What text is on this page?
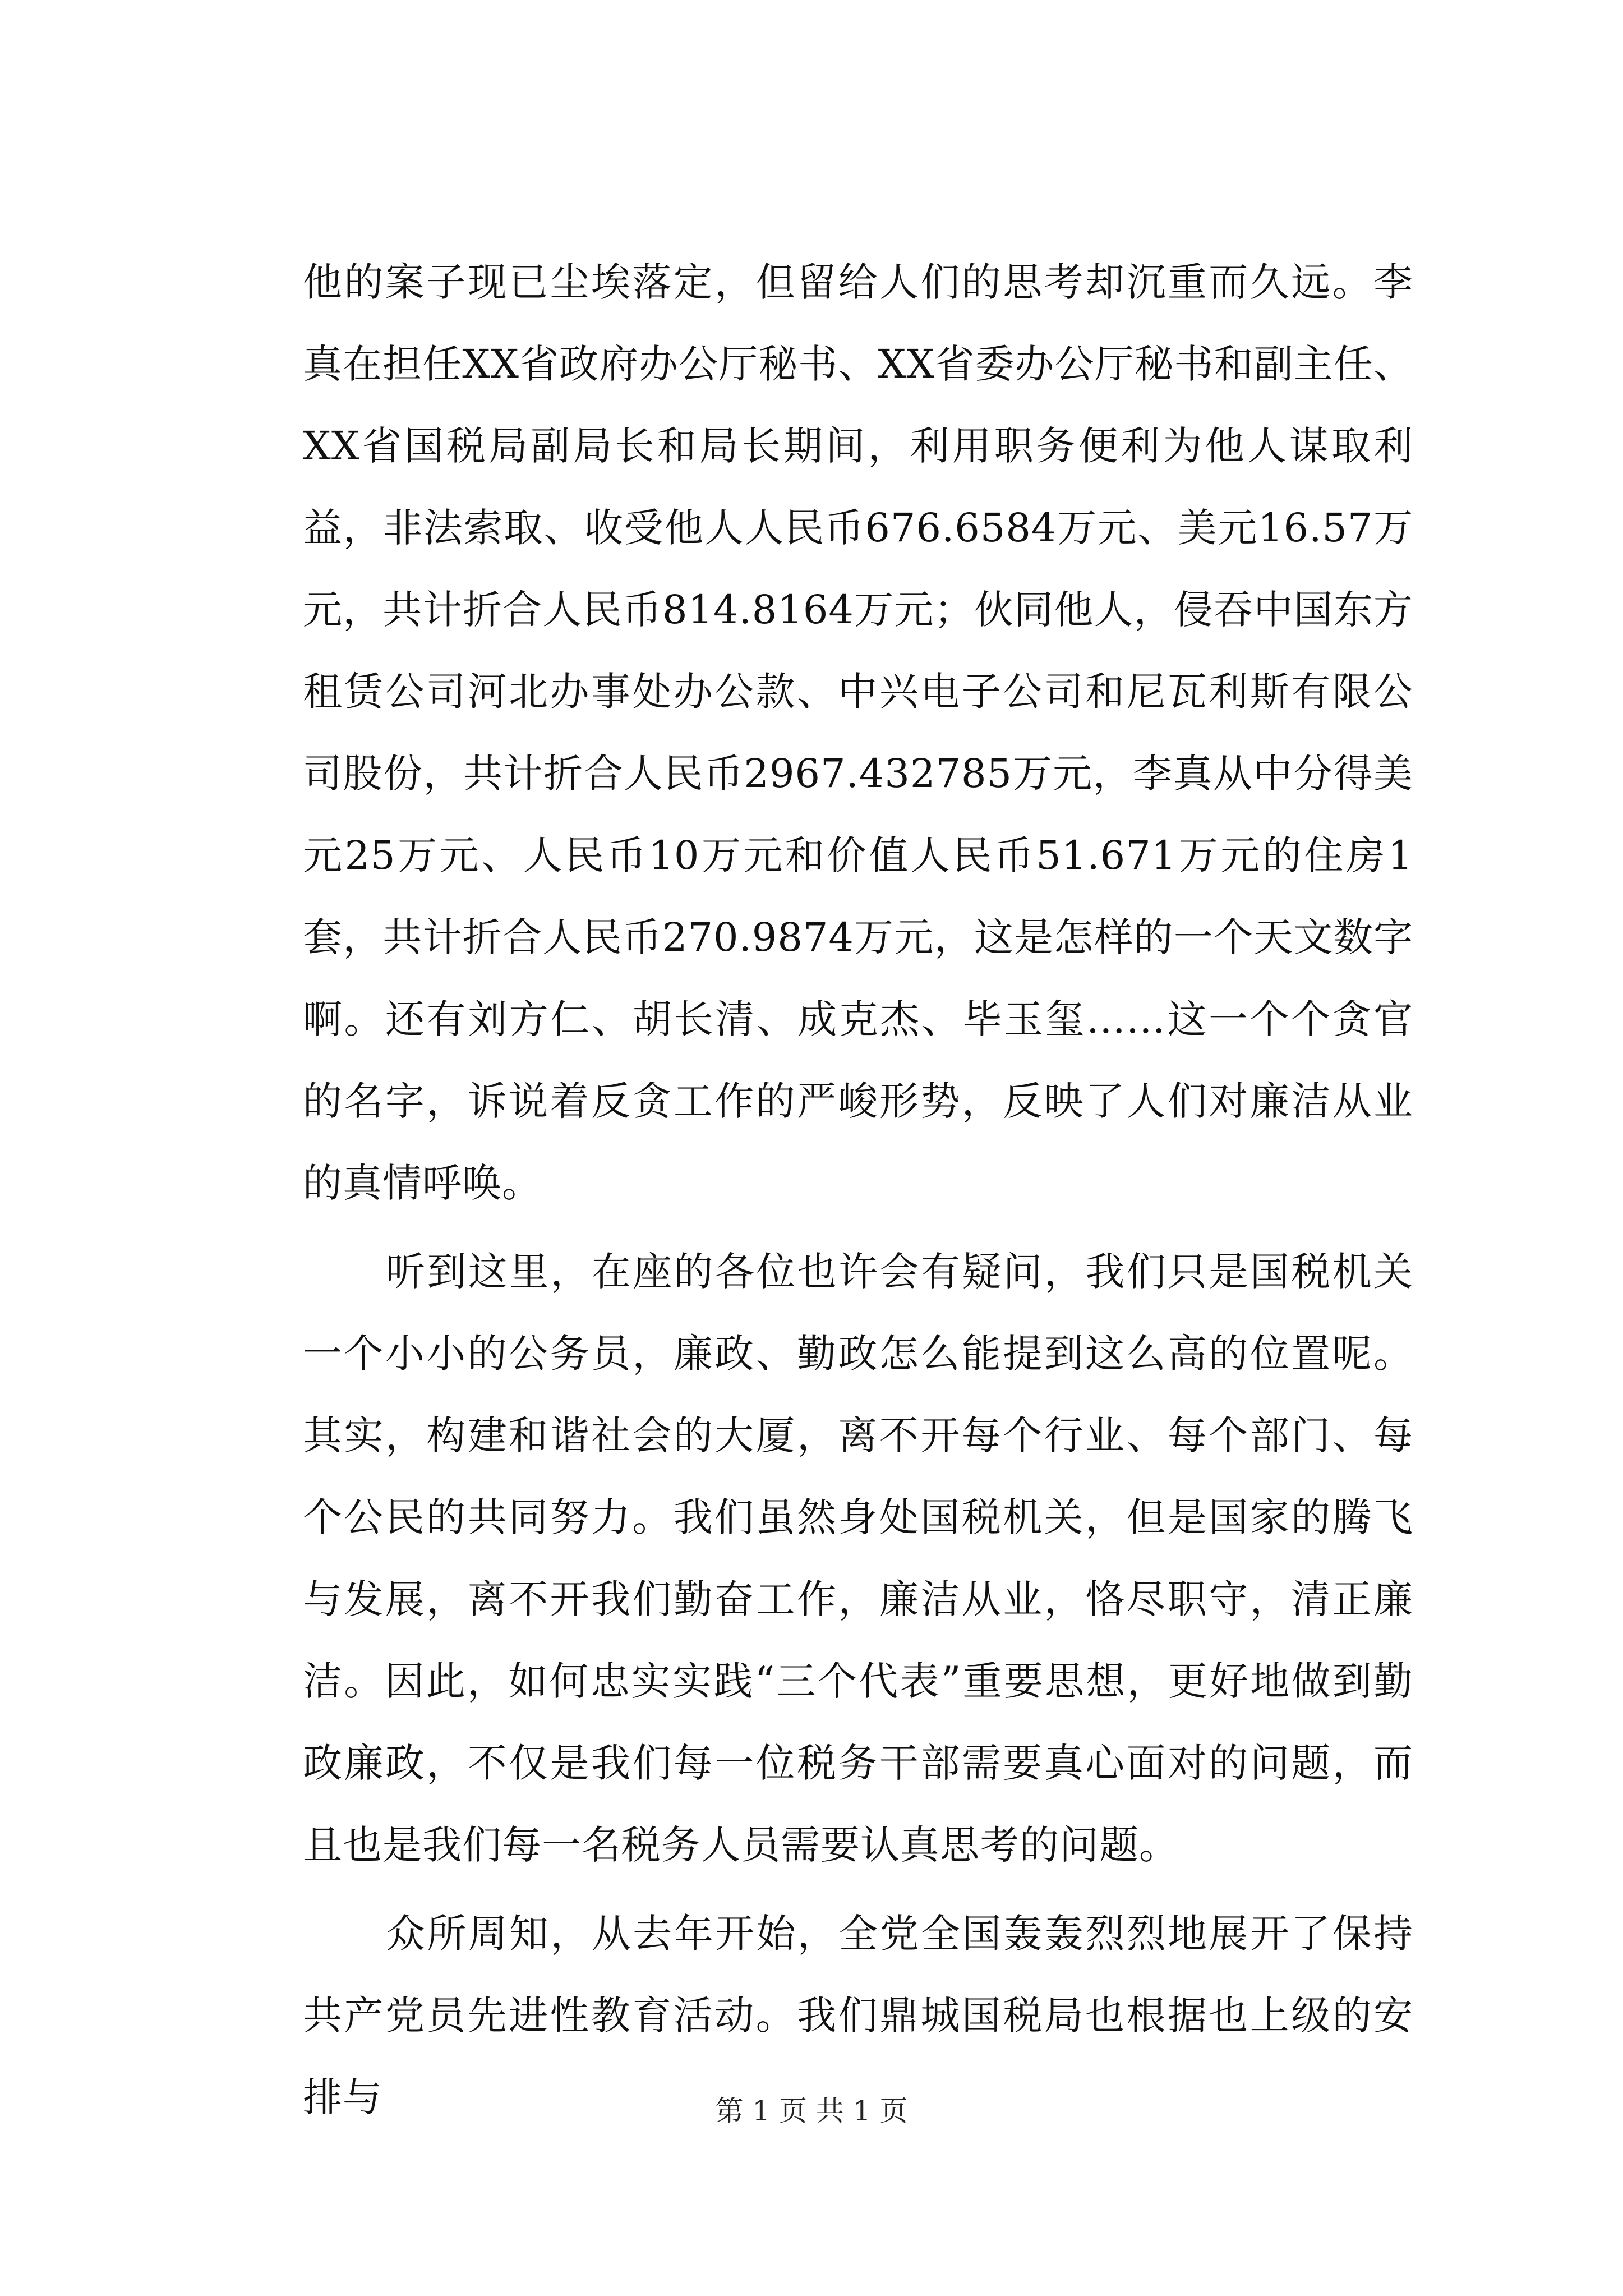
他的案子现已尘埃落定，但留给人们的思考却沉重而久远。李真在担任XX省政府办公厅秘书、XX省委办公厅秘书和副主任、XX省国税局副局长和局长期间，利用职务便利为他人谋取利益，非法索取、收受他人人民币676.6584万元、美元16.57万元，共计折合人民币814.8164万元；伙同他人，侵吞中国东方租赁公司河北办事处办公款、中兴电子公司和尼瓦利斯有限公司股份，共计折合人民币2967.432785万元，李真从中分得美元25万元、人民币10万元和价值人民币51.671万元的住房1套，共计折合人民币270.9874万元，这是怎样的一个天文数字啊。还有刘方仁、胡长清、成克杰、毕玉玺……这一个个贪官的名字，诉说着反贪工作的严峻形势，反映了人们对廉洁从业的真情呼唤。

听到这里，在座的各位也许会有疑问，我们只是国税机关一个小小的公务员，廉政、勤政怎么能提到这么高的位置呢。其实，构建和谐社会的大厦，离不开每个行业、每个部门、每个公民的共同努力。我们虽然身处国税机关，但是国家的腾飞与发展，离不开我们勤奋工作，廉洁从业，恪尽职守，清正廉洁。因此，如何忠实实践“三个代表”重要思想，更好地做到勤政廉政，不仅是我们每一位税务干部需要真心面对的问题，而且也是我们每一名税务人员需要认真思考的问题。

众所周知，从去年开始，全党全国轰轰烈烈地展开了保持共产党员先进性教育活动。我们鼎城国税局也根据也上级的安排与	第 1 页 共 1 页
